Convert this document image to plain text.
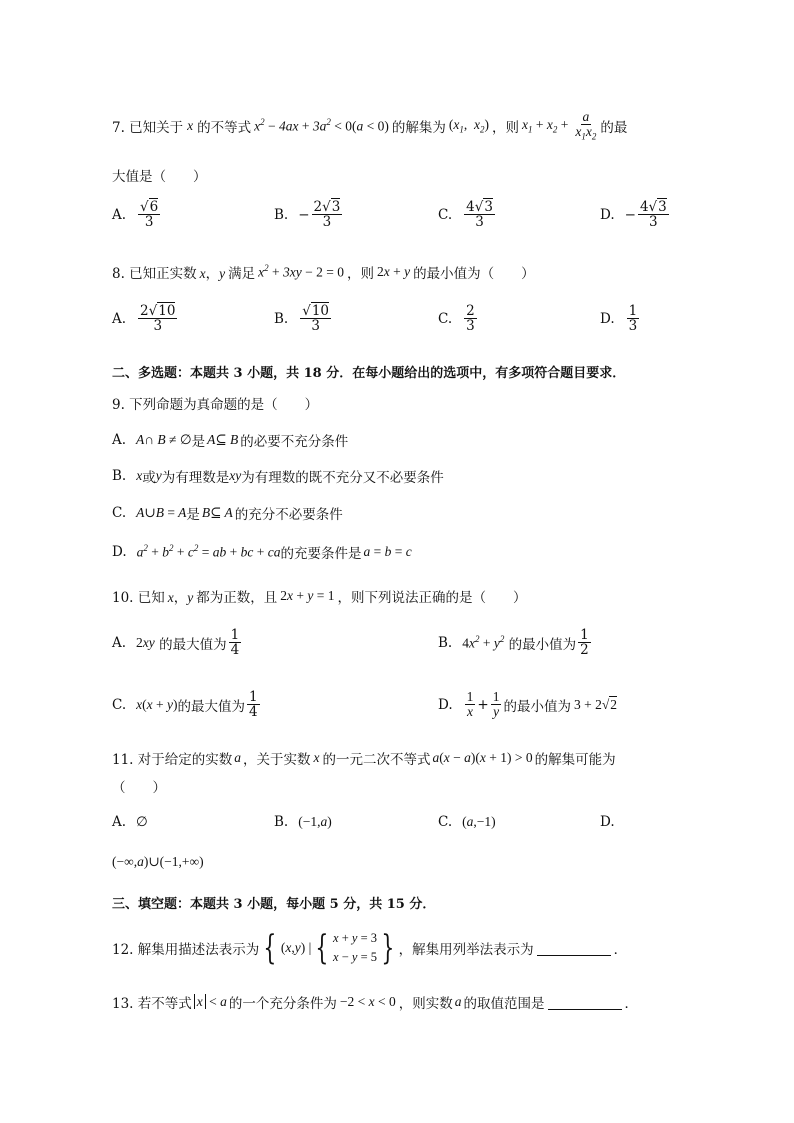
7. 已知关于 x 的不等式 $x^2 - 4ax + 3a^2 < 0(a < 0)$ 的解集为 ($x_1$,  $x_2$) ，则 $x_1 + x_2 + \frac{a}{x_1x_2}$ 的最
大值是（　　）
A. $\frac{√6}{3}$	B. − $\frac{2√3}{3}$	C. $\frac{4√3}{3}$	D. − $\frac{4√3}{3}$
8. 已知正实数 x，y 满足 $x^2 + 3xy - 2 = 0$ ，则 2x + y 的最小值为（　　）
A. $\frac{2√10}{3}$	B. $\frac{√10}{3}$	C. $\frac{2}{3}$	D. $\frac{1}{3}$
二、多选题：本题共 3 小题，共 18 分．在每小题给出的选项中，有多项符合题目要求．
9. 下列命题为真命题的是（　　）
A. A∩ B ≠ ∅ 是 A⊆ B 的必要不充分条件
B. x 或 y 为有理数是 xy 为有理数的既不充分又不必要条件
C. A∪B = A 是 B⊆ A 的充分不必要条件
D. $a^2 + b^2 + c^2$ = ab + bc + ca 的充要条件是 a = b = c
10. 已知 x，y 都为正数，且 2x + y = 1 ，则下列说法正确的是（　　）
A. 2xy
的最大值为 $\frac{1}{4}$	B. $4x^2 + y^2$
的最小值为 $\frac{1}{2}$
C. x(x + y) 的最大值为 $\frac{1}{4}$	D. $\frac{1}{x} + \frac{1}{y}$ 的最小值为 3 + 2√2
11. 对于给定的实数 a ，关于实数 x 的一元二次不等式 a(x − a)(x + 1) > 0 的解集可能为
（　　）
A. ∅	B. (−1,a)	C. (a,−1)	D.
(−∞,a)∪(−1,+∞)
三、填空题：本题共 3 小题，每小题 5 分，共 15 分．
12. 解集用描述法表示为 { (x,y) | { x + y = 3
x − y = 5 } ，解集用列举法表示为	．
13. 若不等式 x < a 的一个充分条件为 −2 < x < 0 ，则实数 a 的取值范围是	．
